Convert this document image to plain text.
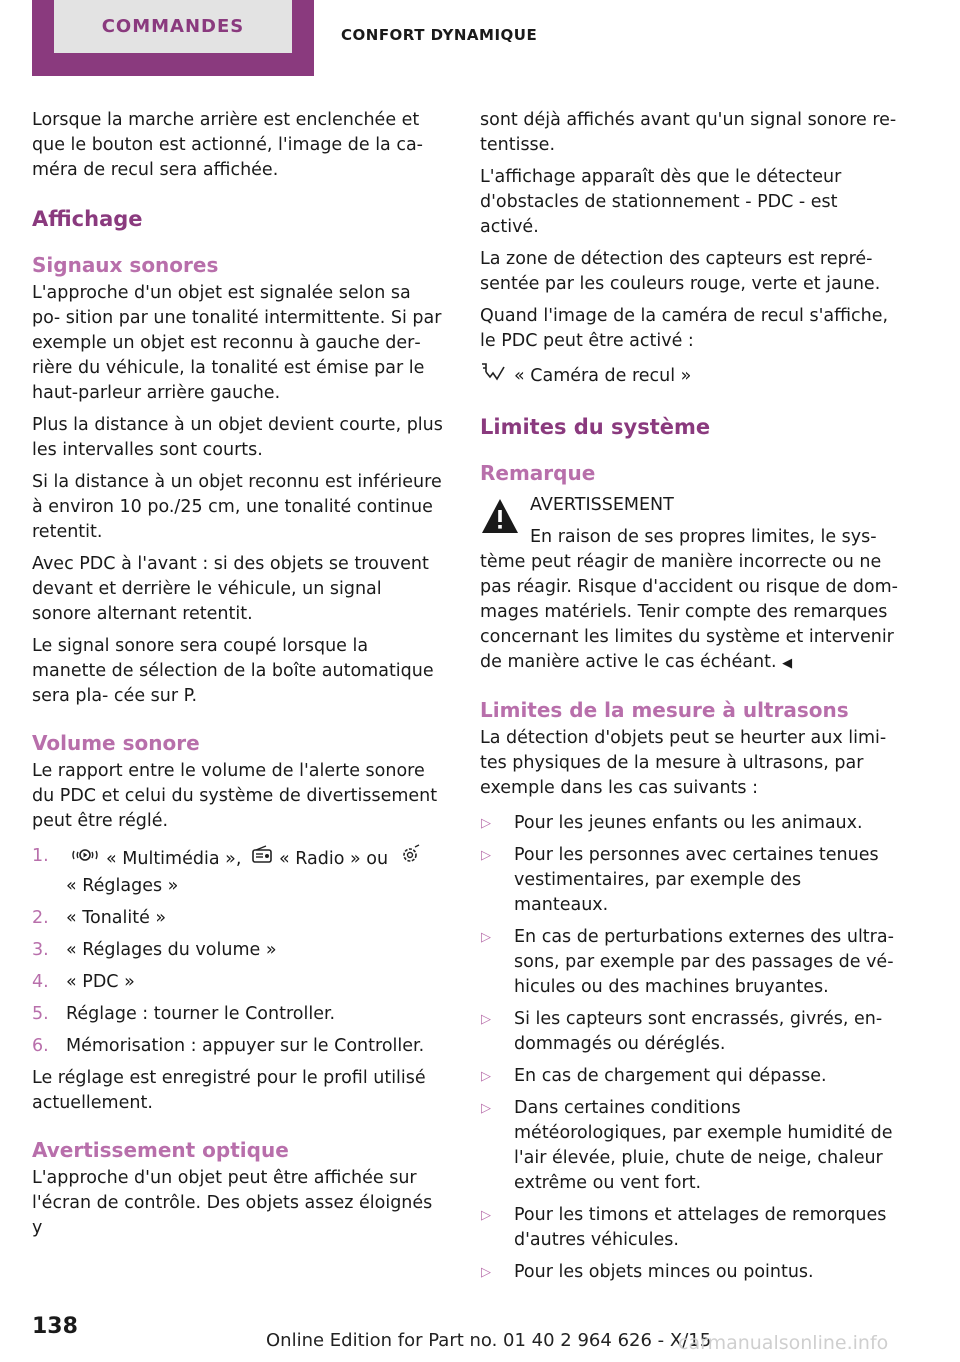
COMMANDES	CONFORT DYNAMIQUE

Lorsque la marche arrière est enclenchée et que le bouton est actionné, l'image de la ca‐ méra de recul sera affichée.

Affichage
Signaux sonores

L'approche d'un objet est signalée selon sa po‐ sition par une tonalité intermittente. Si par exemple un objet est reconnu à gauche der‐ rière du véhicule, la tonalité est émise par le haut-parleur arrière gauche.

Plus la distance à un objet devient courte, plus les intervalles sont courts.

Si la distance à un objet reconnu est inférieure à environ 10 po./25 cm, une tonalité continue retentit.

Avec PDC à l'avant : si des objets se trouvent devant et derrière le véhicule, un signal sonore alternant retentit.

Le signal sonore sera coupé lorsque la manette de sélection de la boîte automatique sera pla‐ cée sur P.

Volume sonore

Le rapport entre le volume de l'alerte sonore du PDC et celui du système de divertissement peut être réglé.

1.	« Multimédia », « Radio » ou
« Réglages »
2. « Tonalité »
3. « Réglages du volume »
4. « PDC »
5. Réglage : tourner le Controller.
6. Mémorisation : appuyer sur le Controller.

Le réglage est enregistré pour le profil utilisé actuellement.

Avertissement optique

L'approche d'un objet peut être affichée sur l'écran de contrôle. Des objets assez éloignés y

sont déjà affichés avant qu'un signal sonore re‐ tentisse.

L'affichage apparaît dès que le détecteur d'obstacles de stationnement - PDC - est activé.

La zone de détection des capteurs est repré‐ sentée par les couleurs rouge, verte et jaune.

Quand l'image de la caméra de recul s'affiche, le PDC peut être activé :

« Caméra de recul »

Limites du système
Remarque
AVERTISSEMENT

En raison de ses propres limites, le sys‐ tème peut réagir de manière incorrecte ou ne pas réagir. Risque d'accident ou risque de dom‐ mages matériels. Tenir compte des remarques concernant les limites du système et intervenir de manière active le cas échéant. ◀

Limites de la mesure à ultrasons

La détection d'objets peut se heurter aux limi‐ tes physiques de la mesure à ultrasons, par exemple dans les cas suivants :

▷ Pour les jeunes enfants ou les animaux.
▷ Pour les personnes avec certaines tenues vestimentaires, par exemple des manteaux.
▷ En cas de perturbations externes des ultra‐ sons, par exemple par des passages de vé‐ hicules ou des machines bruyantes.
▷ Si les capteurs sont encrassés, givrés, en‐ dommagés ou déréglés.
▷ En cas de chargement qui dépasse.
▷ Dans certaines conditions météorologiques, par exemple humidité de l'air élevée, pluie, chute de neige, chaleur extrême ou vent fort.
▷ Pour les timons et attelages de remorques d'autres véhicules.
▷ Pour les objets minces ou pointus.
138
Online Edition for Part no. 01 40 2 964 626 - X/15
carmanualsonline.info
